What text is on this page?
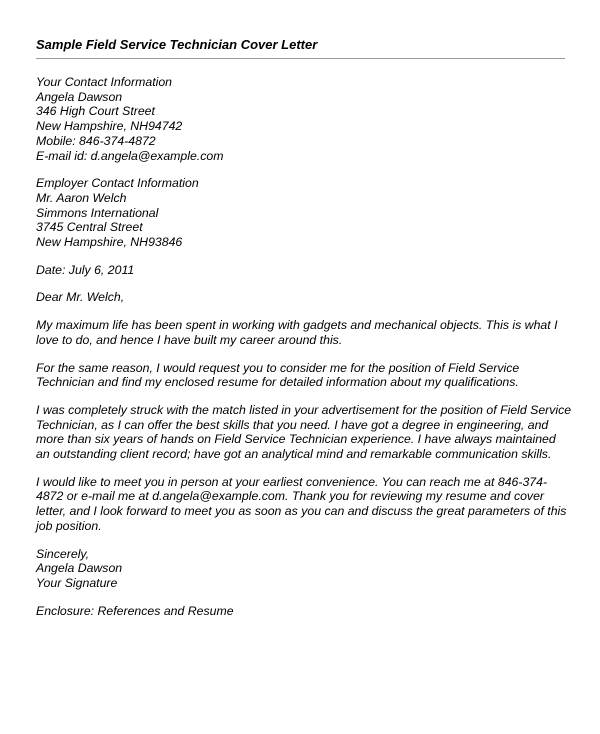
Sample Field Service Technician Cover Letter
Your Contact Information
Angela Dawson
346 High Court Street
New Hampshire, NH94742
Mobile: 846-374-4872
E-mail id: d.angela@example.com
Employer Contact Information
Mr. Aaron Welch
Simmons International
3745 Central Street
New Hampshire, NH93846
Date: July 6, 2011
Dear Mr. Welch,
My maximum life has been spent in working with gadgets and mechanical objects. This is what I
love to do, and hence I have built my career around this.
For the same reason, I would request you to consider me for the position of Field Service
Technician and find my enclosed resume for detailed information about my qualifications.
I was completely struck with the match listed in your advertisement for the position of Field Service
Technician, as I can offer the best skills that you need. I have got a degree in engineering, and
more than six years of hands on Field Service Technician experience. I have always maintained
an outstanding client record; have got an analytical mind and remarkable communication skills.
I would like to meet you in person at your earliest convenience. You can reach me at 846-374-
4872 or e-mail me at d.angela@example.com. Thank you for reviewing my resume and cover
letter, and I look forward to meet you as soon as you can and discuss the great parameters of this
job position.
Sincerely,
Angela Dawson
Your Signature
Enclosure: References and Resume
